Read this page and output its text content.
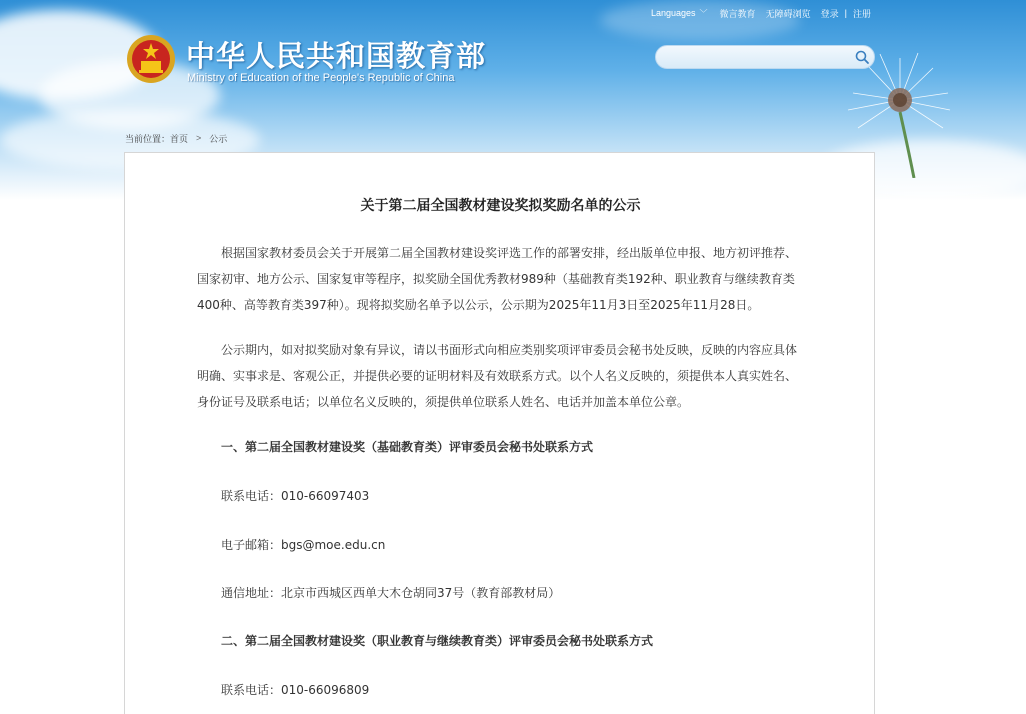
中华人民共和国教育部
Ministry of Education of the People's Republic of China
Languages ﹀ 微言教育 无障碍浏览 登录 | 注册
当前位置： 首页 > 公示
关于第二届全国教材建设奖拟奖励名单的公示
根据国家教材委员会关于开展第二届全国教材建设奖评选工作的部署安排，经出版单位申报、地方初评推荐、国家初审、地方公示、国家复审等程序，拟奖励全国优秀教材989种（基础教育类192种、职业教育与继续教育类400种、高等教育类397种）。现将拟奖励名单予以公示，公示期为2025年11月3日至2025年11月28日。
公示期内，如对拟奖励对象有异议，请以书面形式向相应类别奖项评审委员会秘书处反映，反映的内容应具体明确、实事求是、客观公正，并提供必要的证明材料及有效联系方式。以个人名义反映的，须提供本人真实姓名、身份证号及联系电话；以单位名义反映的，须提供单位联系人姓名、电话并加盖本单位公章。
一、第二届全国教材建设奖（基础教育类）评审委员会秘书处联系方式
联系电话：010-66097403
电子邮箱：bgs@moe.edu.cn
通信地址：北京市西城区西单大木仓胡同37号（教育部教材局）
二、第二届全国教材建设奖（职业教育与继续教育类）评审委员会秘书处联系方式
联系电话：010-66096809
